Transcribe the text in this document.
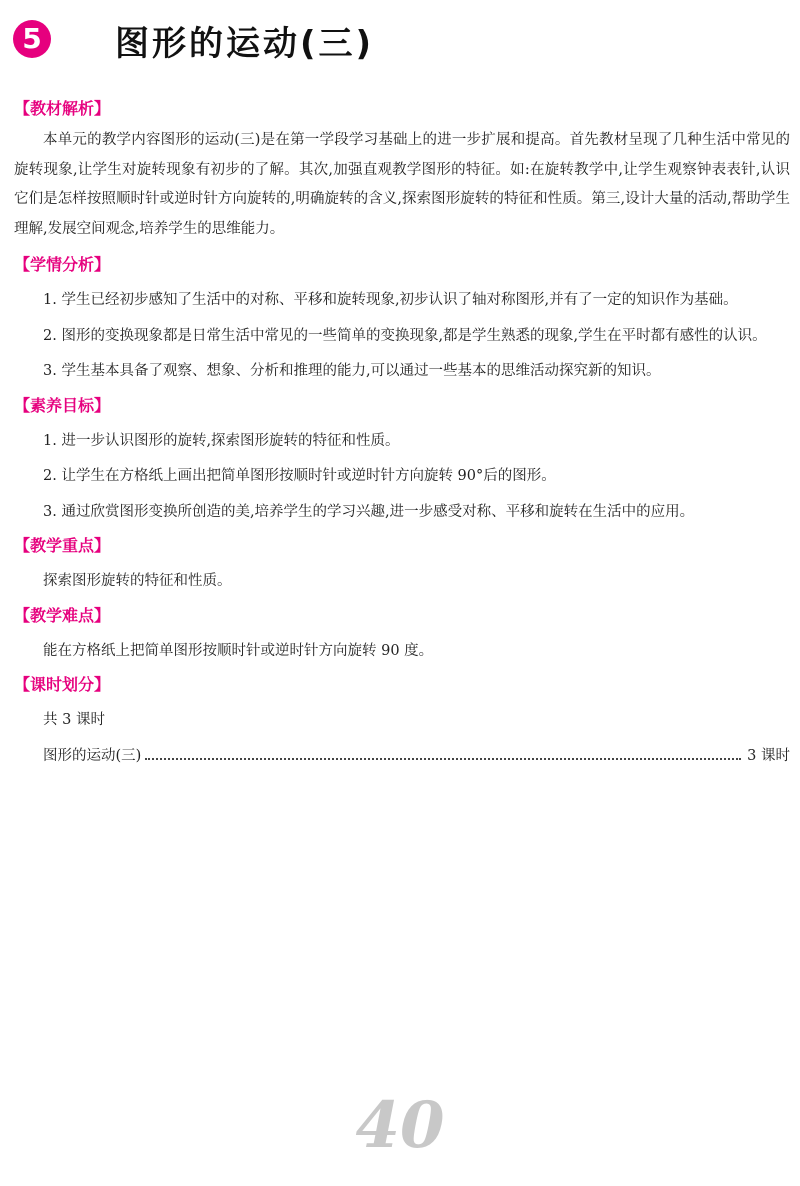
5 图形的运动(三)
【教材解析】

本单元的教学内容图形的运动(三)是在第一学段学习基础上的进一步扩展和提高。首先教材呈现了几种生活中常见的旋转现象,让学生对旋转现象有初步的了解。其次,加强直观教学图形的特征。如:在旋转教学中,让学生观察钟表表针,认识它们是怎样按照顺时针或逆时针方向旋转的,明确旋转的含义,探索图形旋转的特征和性质。第三,设计大量的活动,帮助学生理解,发展空间观念,培养学生的思维能力。

【学情分析】

1. 学生已经初步感知了生活中的对称、平移和旋转现象,初步认识了轴对称图形,并有了一定的知识作为基础。

2. 图形的变换现象都是日常生活中常见的一些简单的变换现象,都是学生熟悉的现象,学生在平时都有感性的认识。

3. 学生基本具备了观察、想象、分析和推理的能力,可以通过一些基本的思维活动探究新的知识。

【素养目标】

1. 进一步认识图形的旋转,探索图形旋转的特征和性质。

2. 让学生在方格纸上画出把简单图形按顺时针或逆时针方向旋转 90°后的图形。

3. 通过欣赏图形变换所创造的美,培养学生的学习兴趣,进一步感受对称、平移和旋转在生活中的应用。

【教学重点】

探索图形旋转的特征和性质。

【教学难点】

能在方格纸上把简单图形按顺时针或逆时针方向旋转 90 度。

【课时划分】

共 3 课时

图形的运动(三)	3 课时
40
